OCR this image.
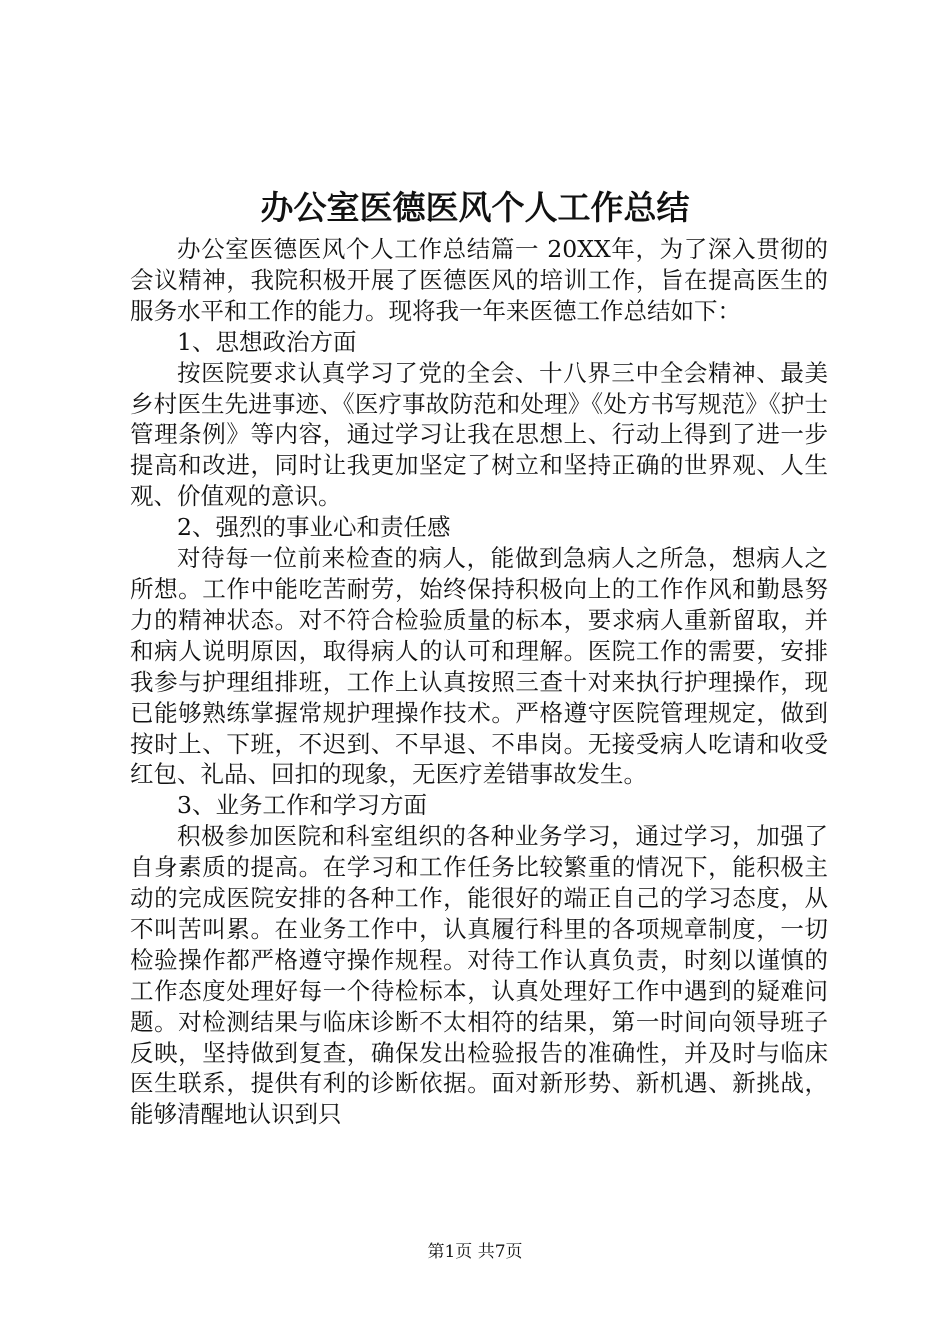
办公室医德医风个人工作总结

办公室医德医风个人工作总结篇一 20XX年，为了深入贯彻的会议精神，我院积极开展了医德医风的培训工作，旨在提高医生的服务水平和工作的能力。现将我一年来医德工作总结如下：

1、思想政治方面

按医院要求认真学习了党的全会、十八界三中全会精神、最美乡村医生先进事迹、《医疗事故防范和处理》《处方书写规范》《护士管理条例》等内容，通过学习让我在思想上、行动上得到了进一步提高和改进，同时让我更加坚定了树立和坚持正确的世界观、人生观、价值观的意识。

2、强烈的事业心和责任感

对待每一位前来检查的病人，能做到急病人之所急，想病人之所想。工作中能吃苦耐劳，始终保持积极向上的工作作风和勤恳努力的精神状态。对不符合检验质量的标本，要求病人重新留取，并和病人说明原因，取得病人的认可和理解。医院工作的需要，安排我参与护理组排班，工作上认真按照三查十对来执行护理操作，现已能够熟练掌握常规护理操作技术。严格遵守医院管理规定，做到按时上、下班，不迟到、不早退、不串岗。无接受病人吃请和收受红包、礼品、回扣的现象，无医疗差错事故发生。

3、业务工作和学习方面

积极参加医院和科室组织的各种业务学习，通过学习，加强了自身素质的提高。在学习和工作任务比较繁重的情况下，能积极主动的完成医院安排的各种工作，能很好的端正自己的学习态度，从不叫苦叫累。在业务工作中，认真履行科里的各项规章制度，一切检验操作都严格遵守操作规程。对待工作认真负责，时刻以谨慎的工作态度处理好每一个待检标本，认真处理好工作中遇到的疑难问题。对检测结果与临床诊断不太相符的结果，第一时间向领导班子反映，坚持做到复查，确保发出检验报告的准确性，并及时与临床医生联系，提供有利的诊断依据。面对新形势、新机遇、新挑战，能够清醒地认识到只

第1页 共7页
